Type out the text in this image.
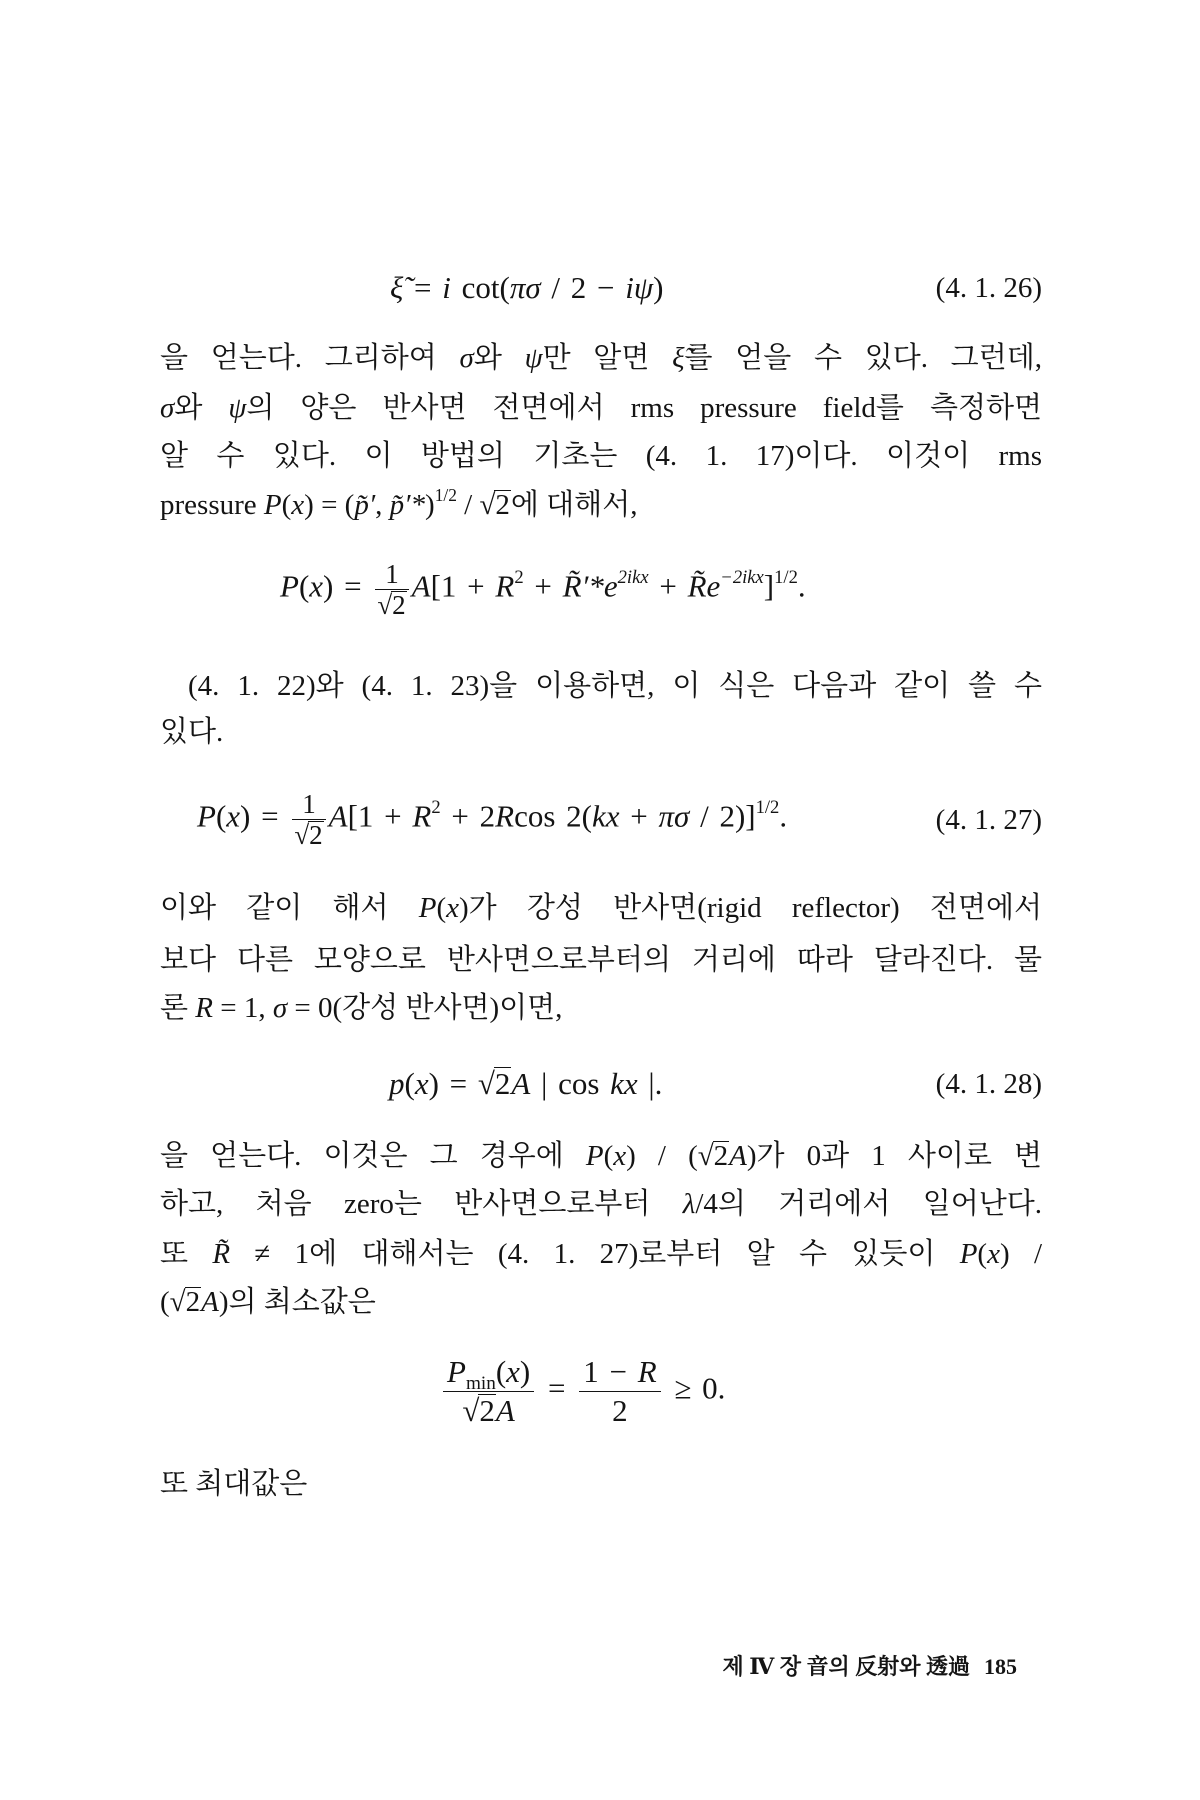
ξ̃ = i cot(πσ / 2 − iψ)	(4. 1. 26)
을 얻는다. 그리하여 σ와 ψ만 알면 ξ̃를 얻을 수 있다. 그런데,
σ와 ψ의 양은 반사면 전면에서 rms pressure field를 측정하면
알 수 있다. 이 방법의 기초는 (4. 1. 17)이다. 이것이 rms
pressure P(x) = (p̃′, p̃′*)$^{1/2}$ / √2에 대해서,
$P(x) = \frac{1}{√2} A[1 + R^2$ + $R̃'*e^{2ikx}$ + $R̃e^{-2ikx}]^{1/2}$.
(4. 1. 22)와 (4. 1. 23)을 이용하면, 이 식은 다음과 같이 쓸 수
있다.
$P(x) = \frac{1}{√2} A[1 + R^2 + 2Rcos$ 2(kx + πσ / 2)]$^{1/2}$.	(4. 1. 27)
이와 같이 해서 P(x)가 강성 반사면(rigid reflector) 전면에서
보다 다른 모양으로 반사면으로부터의 거리에 따라 달라진다. 물
론 R = 1, σ = 0(강성 반사면)이면,
p(x) = √2A | cos kx |.	(4. 1. 28)
을 얻는다. 이것은 그 경우에 P(x) / (√2A)가 0과 1 사이로 변
하고, 처음 zero는 반사면으로부터 λ/4의 거리에서 일어난다.
또 R̃ ≠ 1에 대해서는 (4. 1. 27)로부터 알 수 있듯이 P(x) /
(√2A)의 최소값은
$\frac{P_{min}(x)}{√2A} = \frac{1 - R}{2} \ge 0$.
또 최대값은
제 Ⅳ 장 音의 反射와 透過 185
